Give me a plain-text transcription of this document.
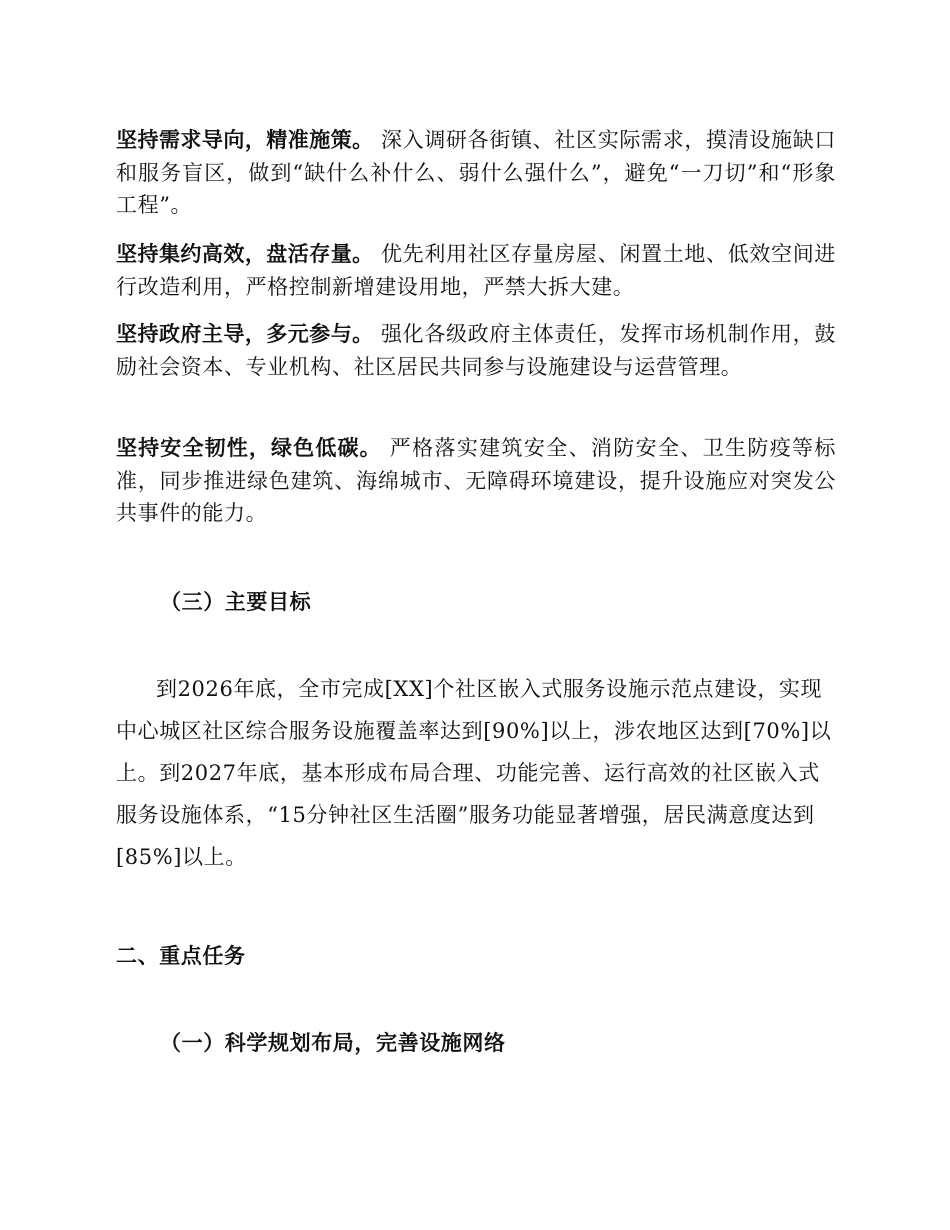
坚持需求导向，精准施策。 深入调研各街镇、社区实际需求，摸清设施缺口和服务盲区，做到“缺什么补什么、弱什么强什么”，避免“一刀切”和“形象工程”。

坚持集约高效，盘活存量。 优先利用社区存量房屋、闲置土地、低效空间进行改造利用，严格控制新增建设用地，严禁大拆大建。

坚持政府主导，多元参与。 强化各级政府主体责任，发挥市场机制作用，鼓励社会资本、专业机构、社区居民共同参与设施建设与运营管理。

坚持安全韧性，绿色低碳。 严格落实建筑安全、消防安全、卫生防疫等标准，同步推进绿色建筑、海绵城市、无障碍环境建设，提升设施应对突发公共事件的能力。

（三）主要目标

到2026年底，全市完成[XX]个社区嵌入式服务设施示范点建设，实现中心城区社区综合服务设施覆盖率达到[90%]以上，涉农地区达到[70%]以上。到2027年底，基本形成布局合理、功能完善、运行高效的社区嵌入式服务设施体系，“15分钟社区生活圈”服务功能显著增强，居民满意度达到[85%]以上。

二、重点任务
（一）科学规划布局，完善设施网络
